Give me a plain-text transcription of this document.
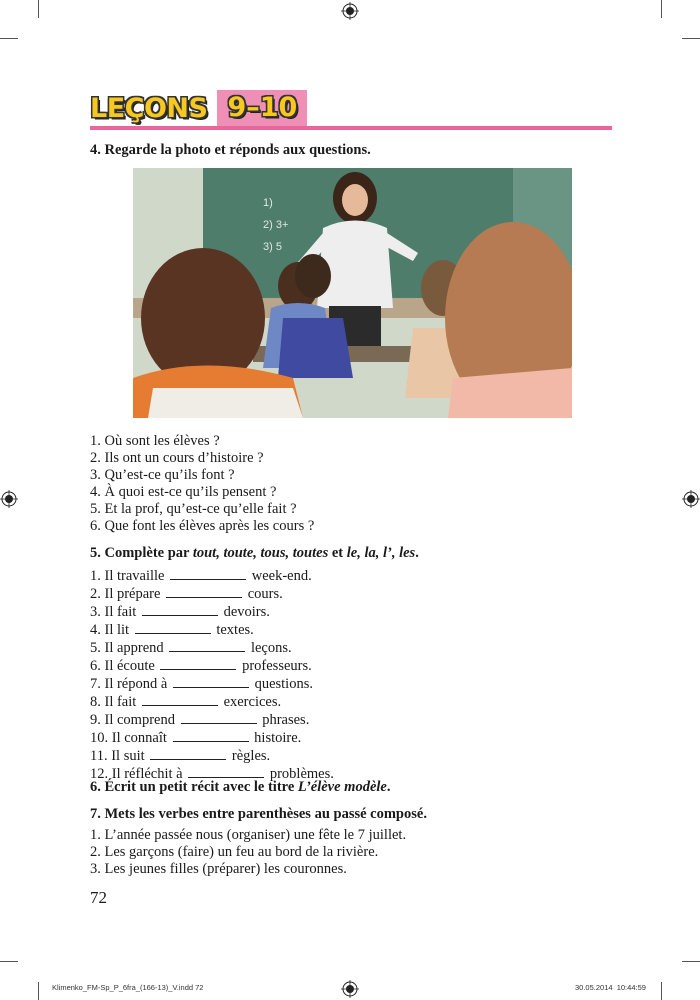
LEÇONS 9–10
4. Regarde la photo et réponds aux questions.
1)
2) 3+
3) 5
1. Où sont les élèves ?
2. Ils ont un cours d’histoire ?
3. Qu’est-ce qu’ils font ?
4. À quoi est-ce qu’ils pensent ?
5. Et la prof, qu’est-ce qu’elle fait ?
6. Que font les élèves après les cours ?
5. Complète par tout, toute, tous, toutes et le, la, l’, les.
1. Il travaille	week-end.
2. Il prépare	cours.
3. Il fait	devoirs.
4. Il lit	textes.
5. Il apprend	leçons.
6. Il écoute	professeurs.
7. Il répond à	questions.
8. Il fait	exercices.
9. Il comprend	phrases.
10. Il connaît	histoire.
11. Il suit	règles.
12. Il réfléchit à	problèmes.
6. Écrit un petit récit avec le titre L’élève modèle.
7. Mets les verbes entre parenthèses au passé composé.
1. L’année passée nous (organiser) une fête le 7 juillet.
2. Les garçons (faire) un feu au bord de la rivière.
3. Les jeunes filles (préparer) les couronnes.
72
Klimenko_FM-Sp_P_6fra_(166-13)_V.indd 72	30.05.2014 10:44:59
